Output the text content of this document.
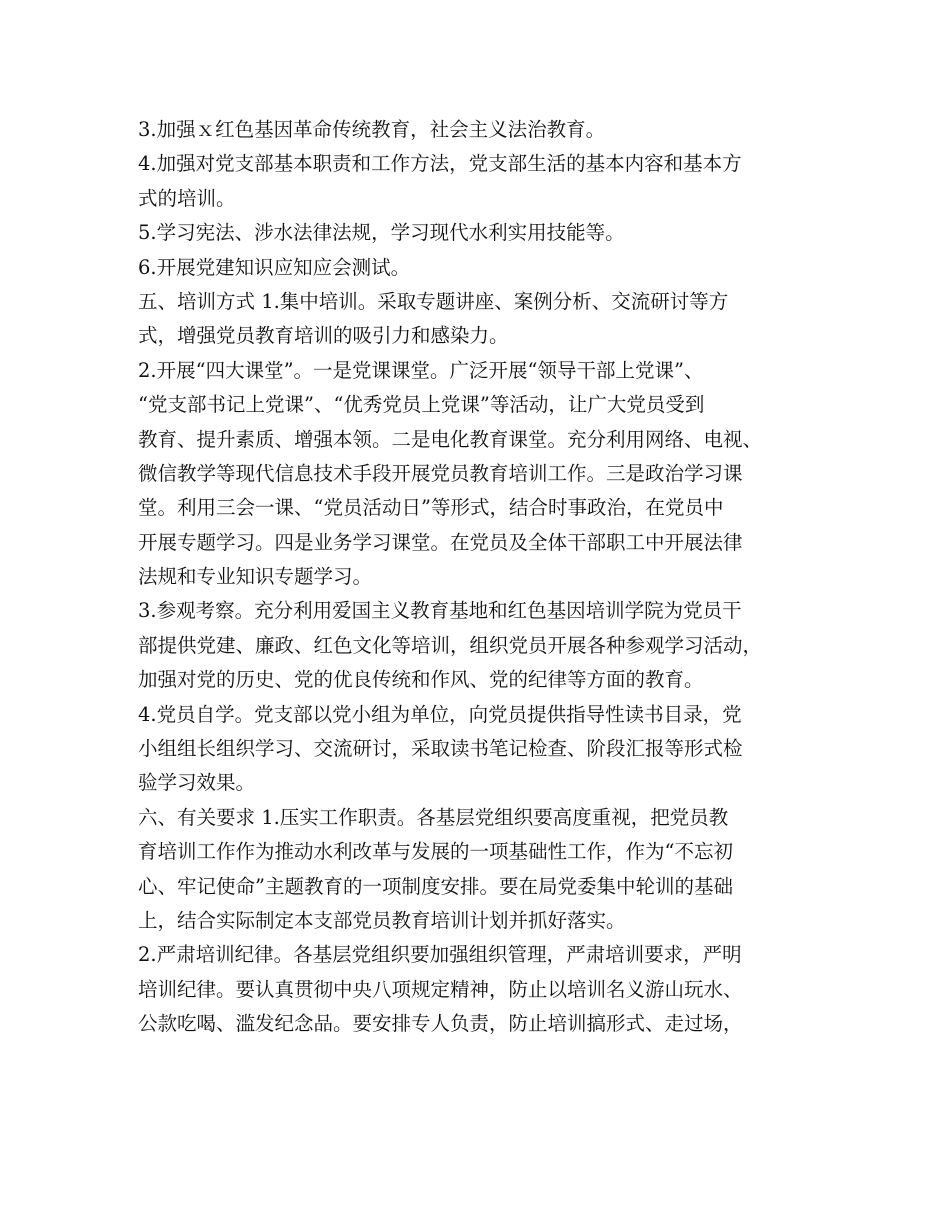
3.加强ｘ红色基因革命传统教育，社会主义法治教育。
4.加强对党支部基本职责和工作方法，党支部生活的基本内容和基本方
式的培训。
5.学习宪法、涉水法律法规，学习现代水利实用技能等。
6.开展党建知识应知应会测试。
五、培训方式 1.集中培训。采取专题讲座、案例分析、交流研讨等方
式，增强党员教育培训的吸引力和感染力。
2.开展“四大课堂”。一是党课课堂。广泛开展“领导干部上党课”、
“党支部书记上党课”、“优秀党员上党课”等活动，让广大党员受到
教育、提升素质、增强本领。二是电化教育课堂。充分利用网络、电视、
微信教学等现代信息技术手段开展党员教育培训工作。三是政治学习课
堂。利用三会一课、“党员活动日”等形式，结合时事政治，在党员中
开展专题学习。四是业务学习课堂。在党员及全体干部职工中开展法律
法规和专业知识专题学习。
3.参观考察。充分利用爱国主义教育基地和红色基因培训学院为党员干
部提供党建、廉政、红色文化等培训，组织党员开展各种参观学习活动，
加强对党的历史、党的优良传统和作风、党的纪律等方面的教育。
4.党员自学。党支部以党小组为单位，向党员提供指导性读书目录，党
小组组长组织学习、交流研讨，采取读书笔记检查、阶段汇报等形式检
验学习效果。
六、有关要求 1.压实工作职责。各基层党组织要高度重视，把党员教
育培训工作作为推动水利改革与发展的一项基础性工作，作为“不忘初
心、牢记使命”主题教育的一项制度安排。要在局党委集中轮训的基础
上，结合实际制定本支部党员教育培训计划并抓好落实。
2.严肃培训纪律。各基层党组织要加强组织管理，严肃培训要求，严明
培训纪律。要认真贯彻中央八项规定精神，防止以培训名义游山玩水、
公款吃喝、滥发纪念品。要安排专人负责，防止培训搞形式、走过场，
